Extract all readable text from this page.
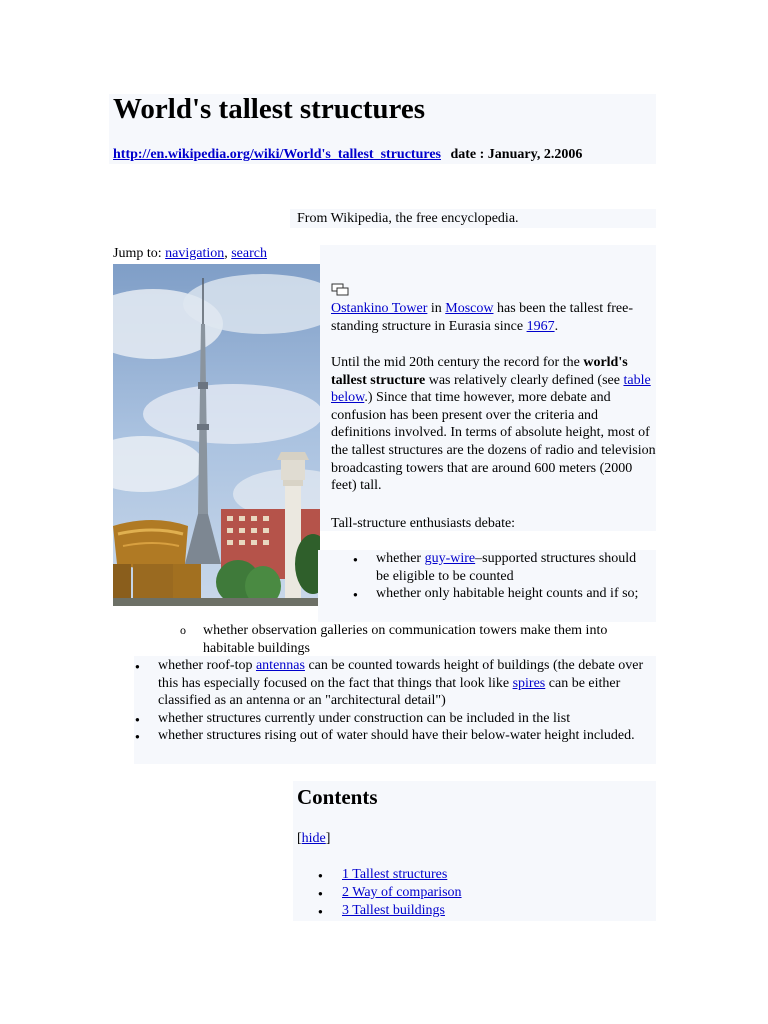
World's tallest structures
http://en.wikipedia.org/wiki/World's_tallest_structures date : January, 2.2006
From Wikipedia, the free encyclopedia.
Jump to: navigation, search
Ostankino Tower in Moscow has been the tallest free-standing structure in Eurasia since 1967.
Until the mid 20th century the record for the world's tallest structure was relatively clearly defined (see table below.) Since that time however, more debate and confusion has been present over the criteria and definitions involved. In terms of absolute height, most of the tallest structures are the dozens of radio and television broadcasting towers that are around 600 meters (2000 feet) tall.
Tall-structure enthusiasts debate:
● whether guy-wire–supported structures should be eligible to be counted
● whether only habitable height counts and if so;
o whether observation galleries on communication towers make them into habitable buildings
● whether roof-top antennas can be counted towards height of buildings (the debate over this has especially focused on the fact that things that look like spires can be either classified as an antenna or an "architectural detail")
● whether structures currently under construction can be included in the list
● whether structures rising out of water should have their below-water height included.
Contents
[hide]
● 1 Tallest structures
● 2 Way of comparison
● 3 Tallest buildings
